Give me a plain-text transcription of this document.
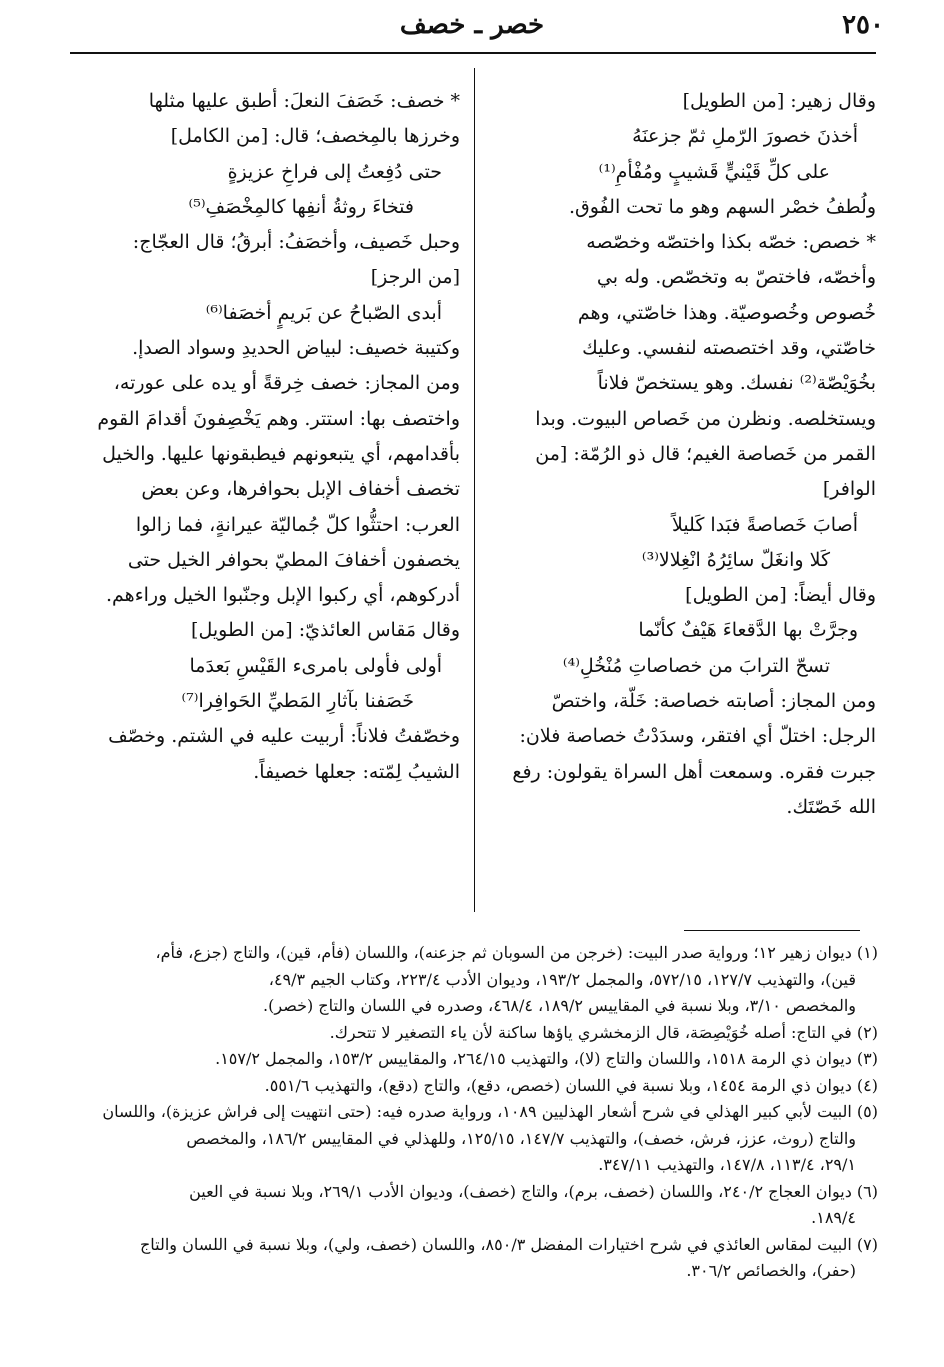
٢٥٠
خصر ـ خصف
وقال زهير: [من الطويل]
أخذنَ خصورَ الرّملِ ثمّ جزعنَهُ
على كلِّ قَيْنيٍّ قَشيبٍ ومُفْأمِ⁽¹⁾
ولُطفُ خصْر السهم وهو ما تحت الفُوق.
* خصص: خصّه بكذا واختصّه وخصّصه
وأخصّه، فاختصّ به وتخصّص. وله بي
خُصوص وخُصوصيّة. وهذا خاصّتي، وهم
خاصّتي، وقد اختصصته لنفسي. وعليك
بخُوَيْصّة⁽²⁾ نفسك. وهو يستخصّ فلاناً
ويستخلصه. ونظرن من خَصاص البيوت. وبدا
القمر من خَصاصة الغيم؛ قال ذو الرُمّة: [من
الوافر]
أصابَ خَصاصةً فبَدا كَليلاً
كَلا وانغَلّ سائِرُهُ انْغِلالا⁽³⁾
وقال أيضاً: [من الطويل]
وجرَّتْ بها الدَّقعاءَ هَيْفٌ كأنّما
تسحّ الترابَ من خصاصاتِ مُنْخُلِ⁽⁴⁾
ومن المجاز: أصابته خصاصة: خَلّة، واختصّ
الرجل: اختلّ أي افتقر، وسدَدْتُ خصاصة فلان:
جبرت فقره. وسمعت أهل السراة يقولون: رفع
الله خَصّتَك.
* خصف: خَصَفَ النعلَ: أطبق عليها مثلها
وخرزها بالمِخصف؛ قال: [من الكامل]
حتى دُفِعتُ إلى فراخِ عزيزةٍ
فتخاءَ روثةُ أنفِها كالمِخْصَفِ⁽⁵⁾
وحبل خَصيف، وأخصَفُ: أبرقُ؛ قال العجّاج:
[من الرجز]
أبدى الصّباحُ عن بَريمٍ أخصَفا⁽⁶⁾
وكتيبة خصيف: لبياض الحديدِ وسواد الصدإ.
ومن المجاز: خصف خِرقةً أو يده على عورته،
واختصف بها: استتر. وهم يَخْصِفونَ أقدامَ القوم
بأقدامهم، أي يتبعونهم فيطبقونها عليها. والخيل
تخصف أخفاف الإبل بحوافرها، وعن بعض
العرب: احتثُّوا كلّ جُماليّة عيرانةٍ، فما زالوا
يخصفون أخفافَ المطيّ بحوافر الخيل حتى
أدركوهم، أي ركبوا الإبل وجنّبوا الخيل وراءهم.
وقال مَقاس العائذيّ: [من الطويل]
أولى فأولى بامرىء القَيْسِ بَعدَما
خَصَفنا بآثارِ المَطيِّ الحَوافِرا⁽⁷⁾
وخصّفتُ فلاناً: أربيت عليه في الشتم. وخصّف
الشيبُ لِمّته: جعلها خصيفاً.
(١) ديوان زهير ١٢؛ ورواية صدر البيت: (خرجن من السوبان ثم جزعنه)، واللسان (فأم، قين)، والتاج (جزع، فأم،
قين)، والتهذيب ١٢٧/٧، ٥٧٢/١٥، والمجمل ١٩٣/٢، وديوان الأدب ٢٢٣/٤، وكتاب الجيم ٤٩/٣،
والمخصص ٣/١٠، وبلا نسبة في المقاييس ١٨٩/٢، ٤٦٨/٤، وصدره في اللسان والتاج (خصر).
(٢) في التاج: أصله خُوَيْصِصَة، قال الزمخشري ياؤها ساكنة لأن ياء التصغير لا تتحرك.
(٣) ديوان ذي الرمة ١٥١٨، واللسان والتاج (لا)، والتهذيب ٢٦٤/١٥، والمقاييس ١٥٣/٢، والمجمل ١٥٧/٢.
(٤) ديوان ذي الرمة ١٤٥٤، وبلا نسبة في اللسان (خصص، دقع)، والتاج (دقع)، والتهذيب ٥٥١/٦.
(٥) البيت لأبي كبير الهذلي في شرح أشعار الهذليين ١٠٨٩، ورواية صدره فيه: (حتى انتهيت إلى فراش عزيزة)، واللسان
والتاج (روث، عزز، فرش، خصف)، والتهذيب ١٤٧/٧، ١٢٥/١٥، وللهذلي في المقاييس ١٨٦/٢، والمخصص
٢٩/١، ١١٣/٤، ١٤٧/٨، والتهذيب ٣٤٧/١١.
(٦) ديوان العجاج ٢٤٠/٢، واللسان (خصف، برم)، والتاج (خصف)، وديوان الأدب ٢٦٩/١، وبلا نسبة في العين
١٨٩/٤.
(٧) البيت لمقاس العائذي في شرح اختيارات المفضل ٨٥٠/٣، واللسان (خصف، ولي)، وبلا نسبة في اللسان والتاج
(حفر)، والخصائص ٣٠٦/٢.
